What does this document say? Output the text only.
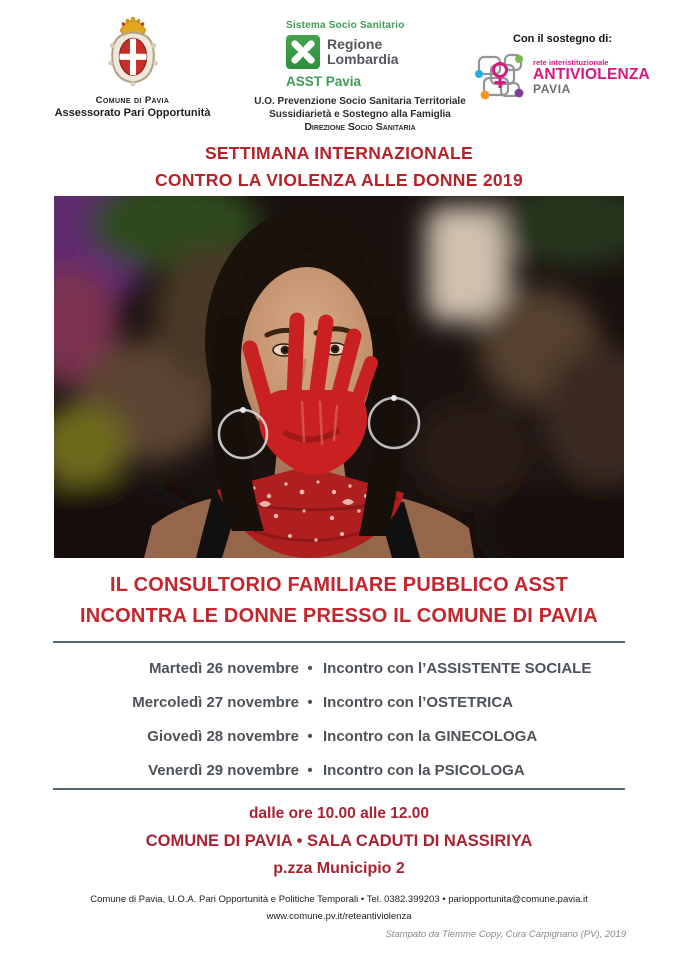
Comune di Pavia
Assessorato Pari Opportunità
Sistema Socio Sanitario
Regione
Lombardia
ASST Pavia
U.O. Prevenzione Socio Sanitaria Territoriale
Sussidiarietà e Sostegno alla Famiglia
Direzione Socio Sanitaria
Con il sostegno di:
rete interistituzionale
ANTIVIOLENZA
PAVIA
SETTIMANA INTERNAZIONALE
CONTRO LA VIOLENZA ALLE DONNE 2019
IL CONSULTORIO FAMILIARE PUBBLICO ASST
INCONTRA LE DONNE PRESSO IL COMUNE DI PAVIA
Martedì 26 novembre • Incontro con l’ASSISTENTE SOCIALE
Mercoledì 27 novembre • Incontro con l’OSTETRICA
Giovedì 28 novembre • Incontro con la GINECOLOGA
Venerdì 29 novembre • Incontro con la PSICOLOGA
dalle ore 10.00 alle 12.00
COMUNE DI PAVIA • SALA CADUTI DI NASSIRIYA
p.zza Municipio 2
Comune di Pavia, U.O.A. Pari Opportunità e Politiche Temporali • Tel. 0382.399203 • pariopportunita@comune.pavia.it
www.comune.pv.it/reteantiviolenza
Stampato da Tiemme Copy, Cura Carpignano (PV), 2019
